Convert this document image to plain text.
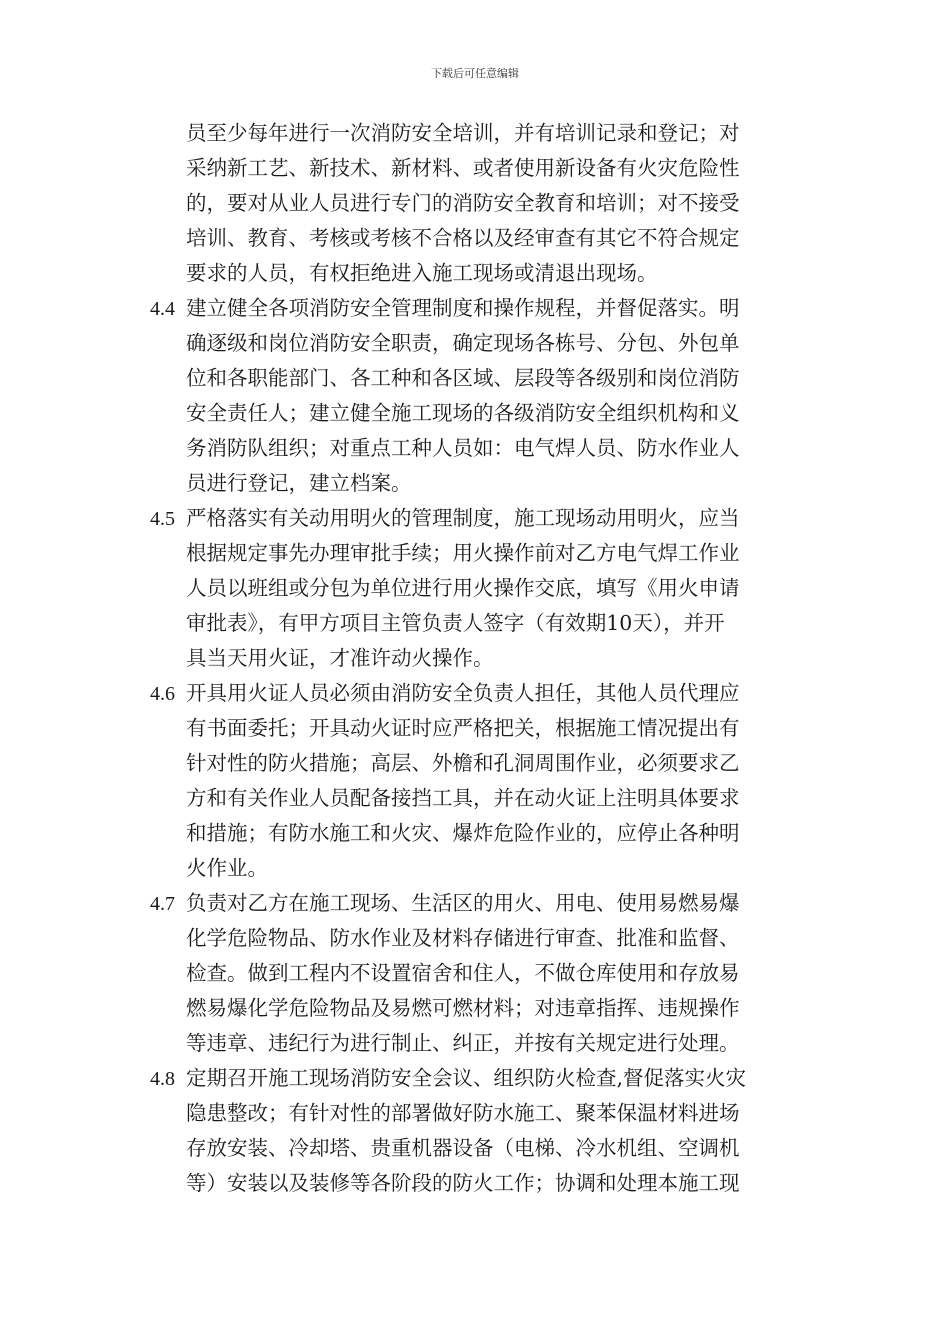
下载后可任意编辑
员至少每年进行一次消防安全培训，并有培训记录和登记；对
采纳新工艺、新技术、新材料、或者使用新设备有火灾危险性
的，要对从业人员进行专门的消防安全教育和培训；对不接受
培训、教育、考核或考核不合格以及经审查有其它不符合规定
要求的人员，有权拒绝进入施工现场或清退出现场。
4.4 建立健全各项消防安全管理制度和操作规程，并督促落实。明
确逐级和岗位消防安全职责，确定现场各栋号、分包、外包单
位和各职能部门、各工种和各区域、层段等各级别和岗位消防
安全责任人；建立健全施工现场的各级消防安全组织机构和义
务消防队组织；对重点工种人员如：电气焊人员、防水作业人
员进行登记，建立档案。
4.5 严格落实有关动用明火的管理制度，施工现场动用明火，应当
根据规定事先办理审批手续；用火操作前对乙方电气焊工作业
人员以班组或分包为单位进行用火操作交底，填写《用火申请
审批表》，有甲方项目主管负责人签字（有效期10天），并开
具当天用火证，才准许动火操作。
4.6 开具用火证人员必须由消防安全负责人担任，其他人员代理应
有书面委托；开具动火证时应严格把关，根据施工情况提出有
针对性的防火措施；高层、外檐和孔洞周围作业，必须要求乙
方和有关作业人员配备接挡工具，并在动火证上注明具体要求
和措施；有防水施工和火灾、爆炸危险作业的，应停止各种明
火作业。
4.7 负责对乙方在施工现场、生活区的用火、用电、使用易燃易爆
化学危险物品、防水作业及材料存储进行审查、批准和监督、
检查。做到工程内不设置宿舍和住人，不做仓库使用和存放易
燃易爆化学危险物品及易燃可燃材料；对违章指挥、违规操作
等违章、违纪行为进行制止、纠正，并按有关规定进行处理。
4.8 定期召开施工现场消防安全会议、组织防火检查,督促落实火灾
隐患整改；有针对性的部署做好防水施工、聚苯保温材料进场
存放安装、冷却塔、贵重机器设备（电梯、冷水机组、空调机
等）安装以及装修等各阶段的防火工作；协调和处理本施工现
